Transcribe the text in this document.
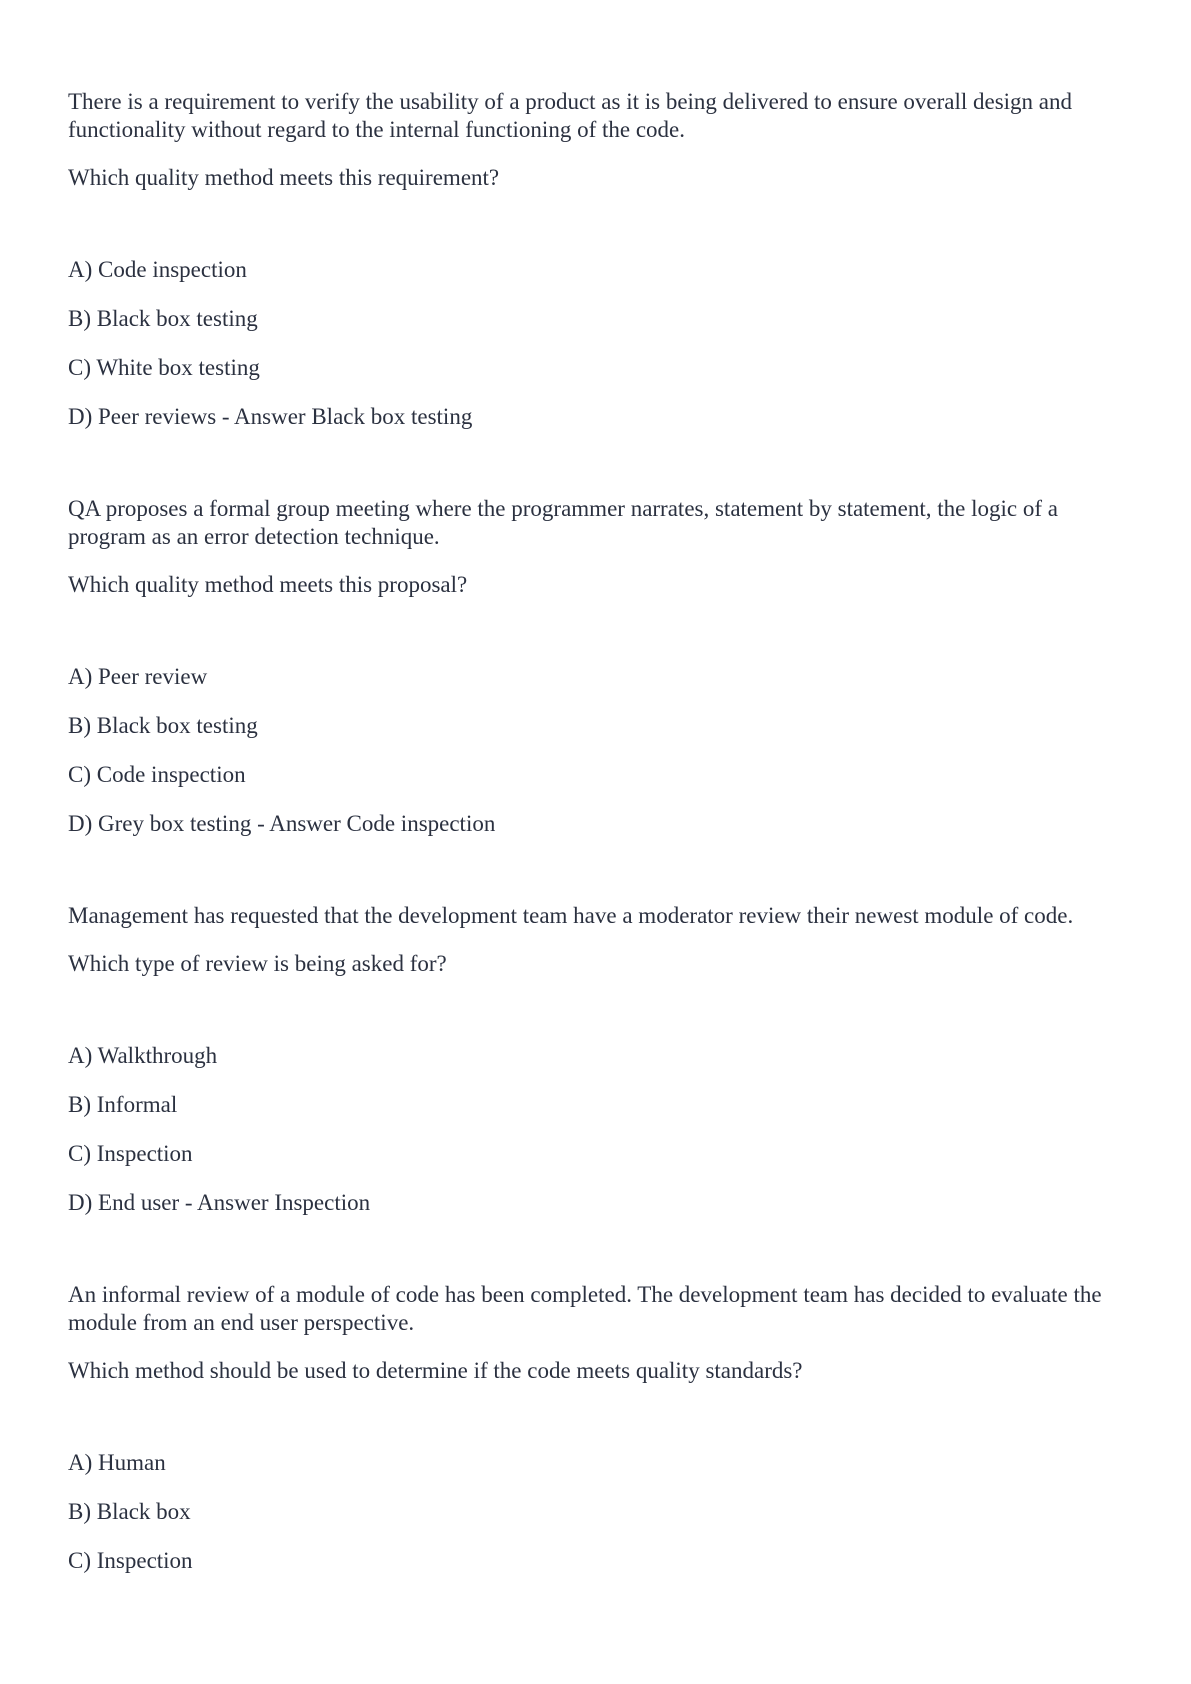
There is a requirement to verify the usability of a product as it is being delivered to ensure overall design and functionality without regard to the internal functioning of the code.

Which quality method meets this requirement?

A) Code inspection

B) Black box testing

C) White box testing

D) Peer reviews - Answer Black box testing

QA proposes a formal group meeting where the programmer narrates, statement by statement, the logic of a program as an error detection technique.

Which quality method meets this proposal?

A) Peer review

B) Black box testing

C) Code inspection

D) Grey box testing - Answer Code inspection

Management has requested that the development team have a moderator review their newest module of code.

Which type of review is being asked for?

A) Walkthrough

B) Informal

C) Inspection

D) End user - Answer Inspection

An informal review of a module of code has been completed. The development team has decided to evaluate the module from an end user perspective.

Which method should be used to determine if the code meets quality standards?

A) Human

B) Black box

C) Inspection
